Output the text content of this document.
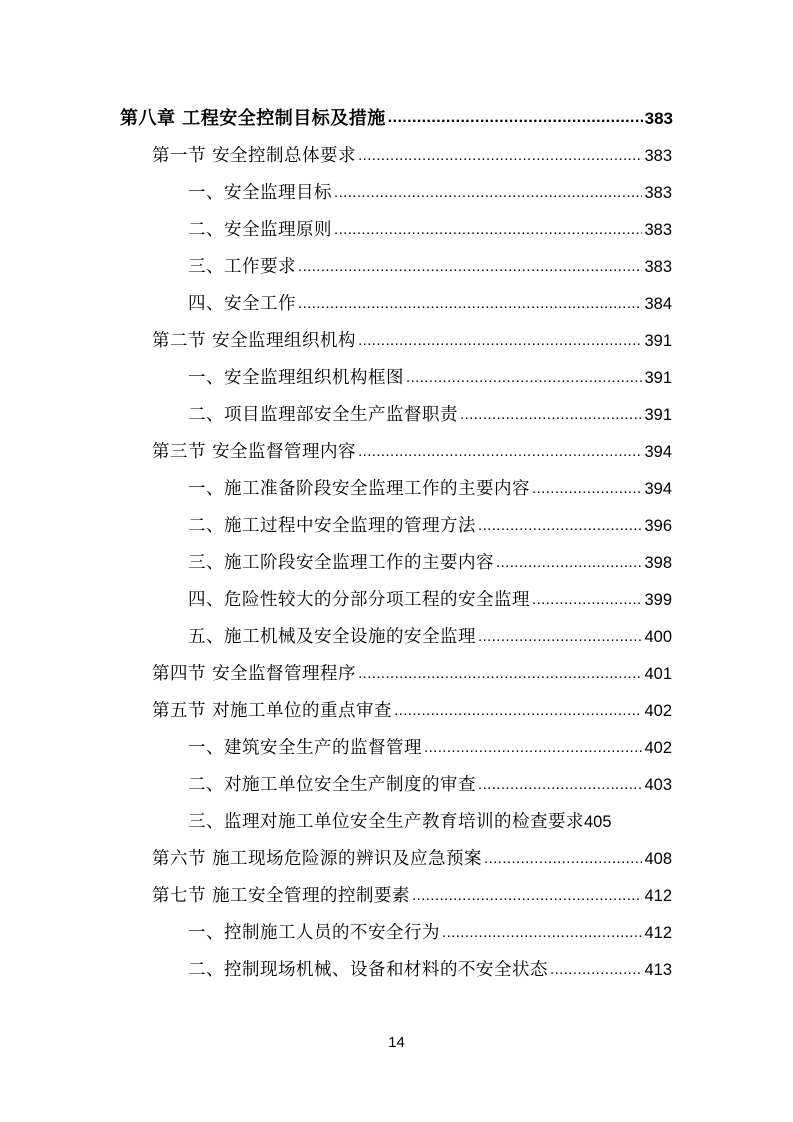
第八章 工程安全控制目标及措施 .....	383
第一节 安全控制总体要求 .....	383
一、安全监理目标 .....	383
二、安全监理原则 .....	383
三、工作要求 .....	383
四、安全工作 .....	384
第二节 安全监理组织机构 .....	391
一、安全监理组织机构框图 .....	391
二、项目监理部安全生产监督职责 .....	391
第三节 安全监督管理内容 .....	394
一、施工准备阶段安全监理工作的主要内容 .....	394
二、施工过程中安全监理的管理方法 .....	396
三、施工阶段安全监理工作的主要内容 .....	398
四、危险性较大的分部分项工程的安全监理 .....	399
五、施工机械及安全设施的安全监理 .....	400
第四节 安全监督管理程序 .....	401
第五节 对施工单位的重点审查 .....	402
一、建筑安全生产的监督管理 .....	402
二、对施工单位安全生产制度的审查 .....	403
三、监理对施工单位安全生产教育培训的检查要求 405
第六节 施工现场危险源的辨识及应急预案 .....	408
第七节 施工安全管理的控制要素 .....	412
一、控制施工人员的不安全行为 .....	412
二、控制现场机械、设备和材料的不安全状态 .....	413
14
